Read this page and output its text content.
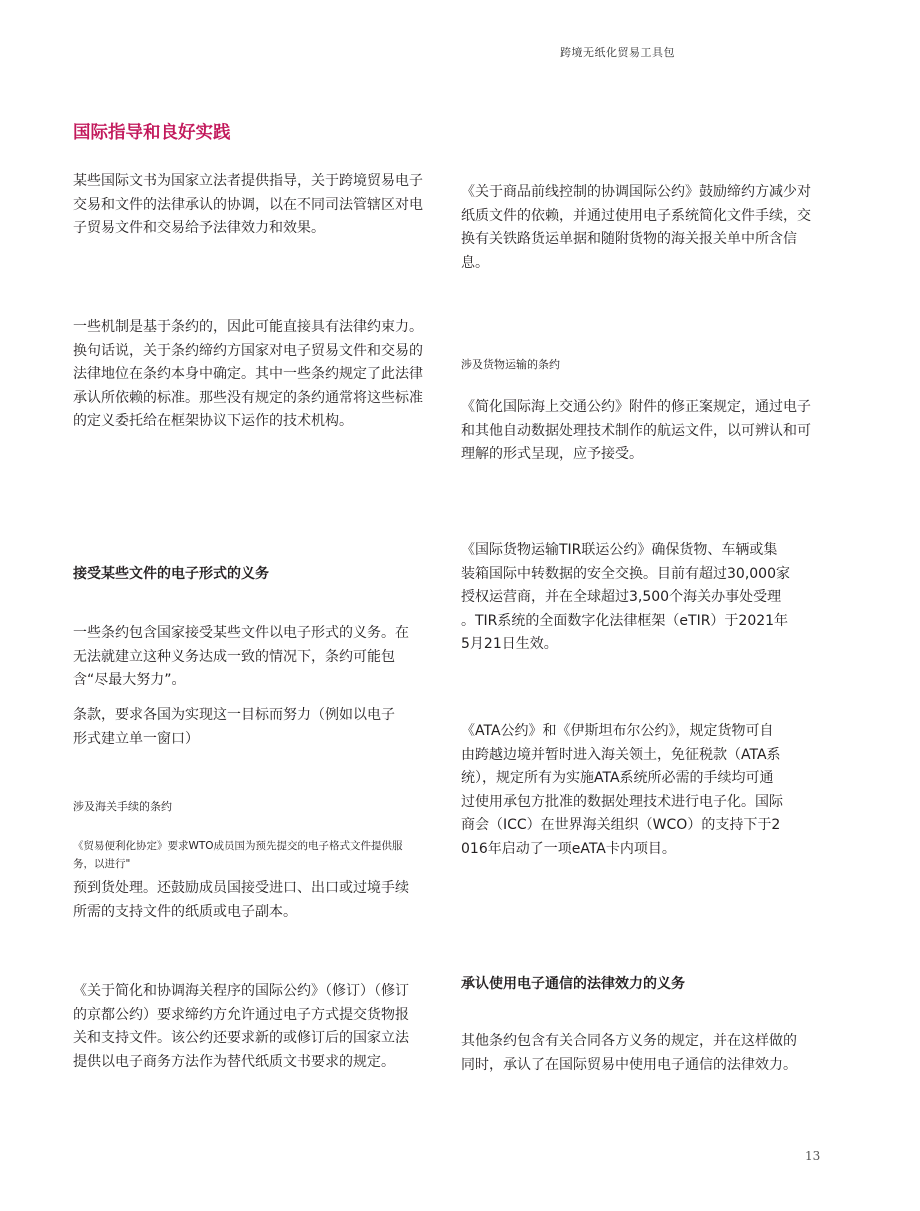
跨境无纸化贸易工具包
国际指导和良好实践

某些国际文书为国家立法者提供指导，关于跨境贸易电子交易和文件的法律承认的协调，以在不同司法管辖区对电子贸易文件和交易给予法律效力和效果。

一些机制是基于条约的，因此可能直接具有法律约束力。换句话说，关于条约缔约方国家对电子贸易文件和交易的法律地位在条约本身中确定。其中一些条约规定了此法律承认所依赖的标准。那些没有规定的条约通常将这些标准的定义委托给在框架协议下运作的技术机构。

接受某些文件的电子形式的义务

一些条约包含国家接受某些文件以电子形式的义务。在无法就建立这种义务达成一致的情况下，条约可能包含“尽最大努力”。

条款，要求各国为实现这一目标而努力（例如以电子形式建立单一窗口）

涉及海关手续的条约

《贸易便利化协定》要求WTO成员国为预先提交的电子格式文件提供服务，以进行"

预到货处理。还鼓励成员国接受进口、出口或过境手续所需的支持文件的纸质或电子副本。

《关于简化和协调海关程序的国际公约》（修订）（修订的京都公约）要求缔约方允许通过电子方式提交货物报关和支持文件。该公约还要求新的或修订后的国家立法提供以电子商务方法作为替代纸质文书要求的规定。

《关于商品前线控制的协调国际公约》鼓励缔约方减少对纸质文件的依赖，并通过使用电子系统简化文件手续，交换有关铁路货运单据和随附货物的海关报关单中所含信息。

涉及货物运输的条约

《简化国际海上交通公约》附件的修正案规定，通过电子和其他自动数据处理技术制作的航运文件，以可辨认和可理解的形式呈现，应予接受。

《国际货物运输TIR联运公约》确保货物、车辆或集
装箱国际中转数据的安全交换。目前有超过30,000家
授权运营商，并在全球超过3,500个海关办事处受理
。TIR系统的全面数字化法律框架（eTIR）于2021年
5月21日生效。
《ATA公约》和《伊斯坦布尔公约》，规定货物可自
由跨越边境并暂时进入海关领土，免征税款（ATA系
统），规定所有为实施ATA系统所必需的手续均可通
过使用承包方批准的数据处理技术进行电子化。国际
商会（ICC）在世界海关组织（WCO）的支持下于2
016年启动了一项eATA卡内项目。
承认使用电子通信的法律效力的义务

其他条约包含有关合同各方义务的规定，并在这样做的同时，承认了在国际贸易中使用电子通信的法律效力。

13
